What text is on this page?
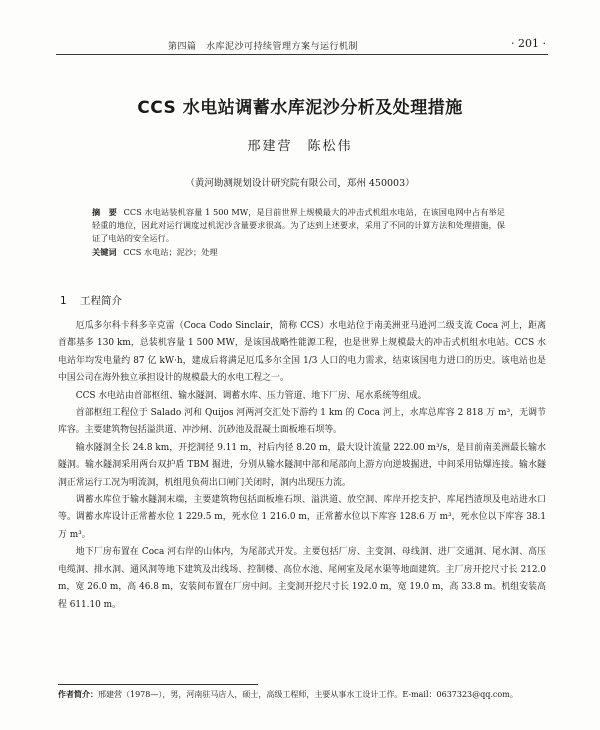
第四篇　水库泥沙可持续管理方案与运行机制	· 201 ·
CCS 水电站调蓄水库泥沙分析及处理措施
邢建营　陈松伟
（黄河勘测规划设计研究院有限公司，郑州 450003）
摘　要 CCS 水电站装机容量 1 500 MW，是目前世界上规模最大的冲击式机组水电站，在该国电网中占有举足轻重的地位，因此对运行调度过机泥沙含量要求很高。为了达到上述要求，采用了不同的计算方法和处理措施，保证了电站的安全运行。
关键词 CCS 水电站；泥沙；处理
1 工程简介

厄瓜多尔科卡科多辛克雷（Coca Codo Sinclair，简称 CCS）水电站位于南美洲亚马逊河二级支流 Coca 河上，距离首都基多 130 km，总装机容量 1 500 MW，是该国战略性能源工程，也是世界上规模最大的冲击式机组水电站。CCS 水电站年均发电量约 87 亿 kW·h，建成后将满足厄瓜多尔全国 1/3 人口的电力需求，结束该国电力进口的历史。该电站也是中国公司在海外独立承担设计的规模最大的水电工程之一。

CCS 水电站由首部枢纽、输水隧洞、调蓄水库、压力管道、地下厂房、尾水系统等组成。

首部枢纽工程位于 Salado 河和 Quijos 河两河交汇处下游约 1 km 的 Coca 河上，水库总库容 2 818 万 m³，无调节库容。主要建筑物包括溢洪道、冲沙闸、沉砂池及混凝土面板堆石坝等。

输水隧洞全长 24.8 km，开挖洞径 9.11 m，衬后内径 8.20 m，最大设计流量 222.00 m³/s，是目前南美洲最长输水隧洞。输水隧洞采用两台双护盾 TBM 掘进，分别从输水隧洞中部和尾部向上游方向逆坡掘进，中间采用钻爆连接。输水隧洞正常运行工况为明流洞，机组甩负荷出口闸门关闭时，洞内出现压力流。

调蓄水库位于输水隧洞末端，主要建筑物包括面板堆石坝、溢洪道、放空洞、库岸开挖支护、库尾挡渣坝及电站进水口等。调蓄水库设计正常蓄水位 1 229.5 m，死水位 1 216.0 m，正常蓄水位以下库容 128.6 万 m³，死水位以下库容 38.1 万 m³。

地下厂房布置在 Coca 河右岸的山体内，为尾部式开发。主要包括厂房、主变洞、母线洞、进厂交通洞、尾水洞、高压电缆洞、排水洞、通风洞等地下建筑及出线场、控制楼、高位水池、尾闸室及尾水渠等地面建筑。主厂房开挖尺寸长 212.0 m，宽 26.0 m，高 46.8 m，安装间布置在厂房中间。主变洞开挖尺寸长 192.0 m，宽 19.0 m，高 33.8 m。机组安装高程 611.10 m。

作者简介：邢建营（1978—），男，河南驻马店人，硕士，高级工程师，主要从事水工设计工作。E-mail：0637323@qq.com。
